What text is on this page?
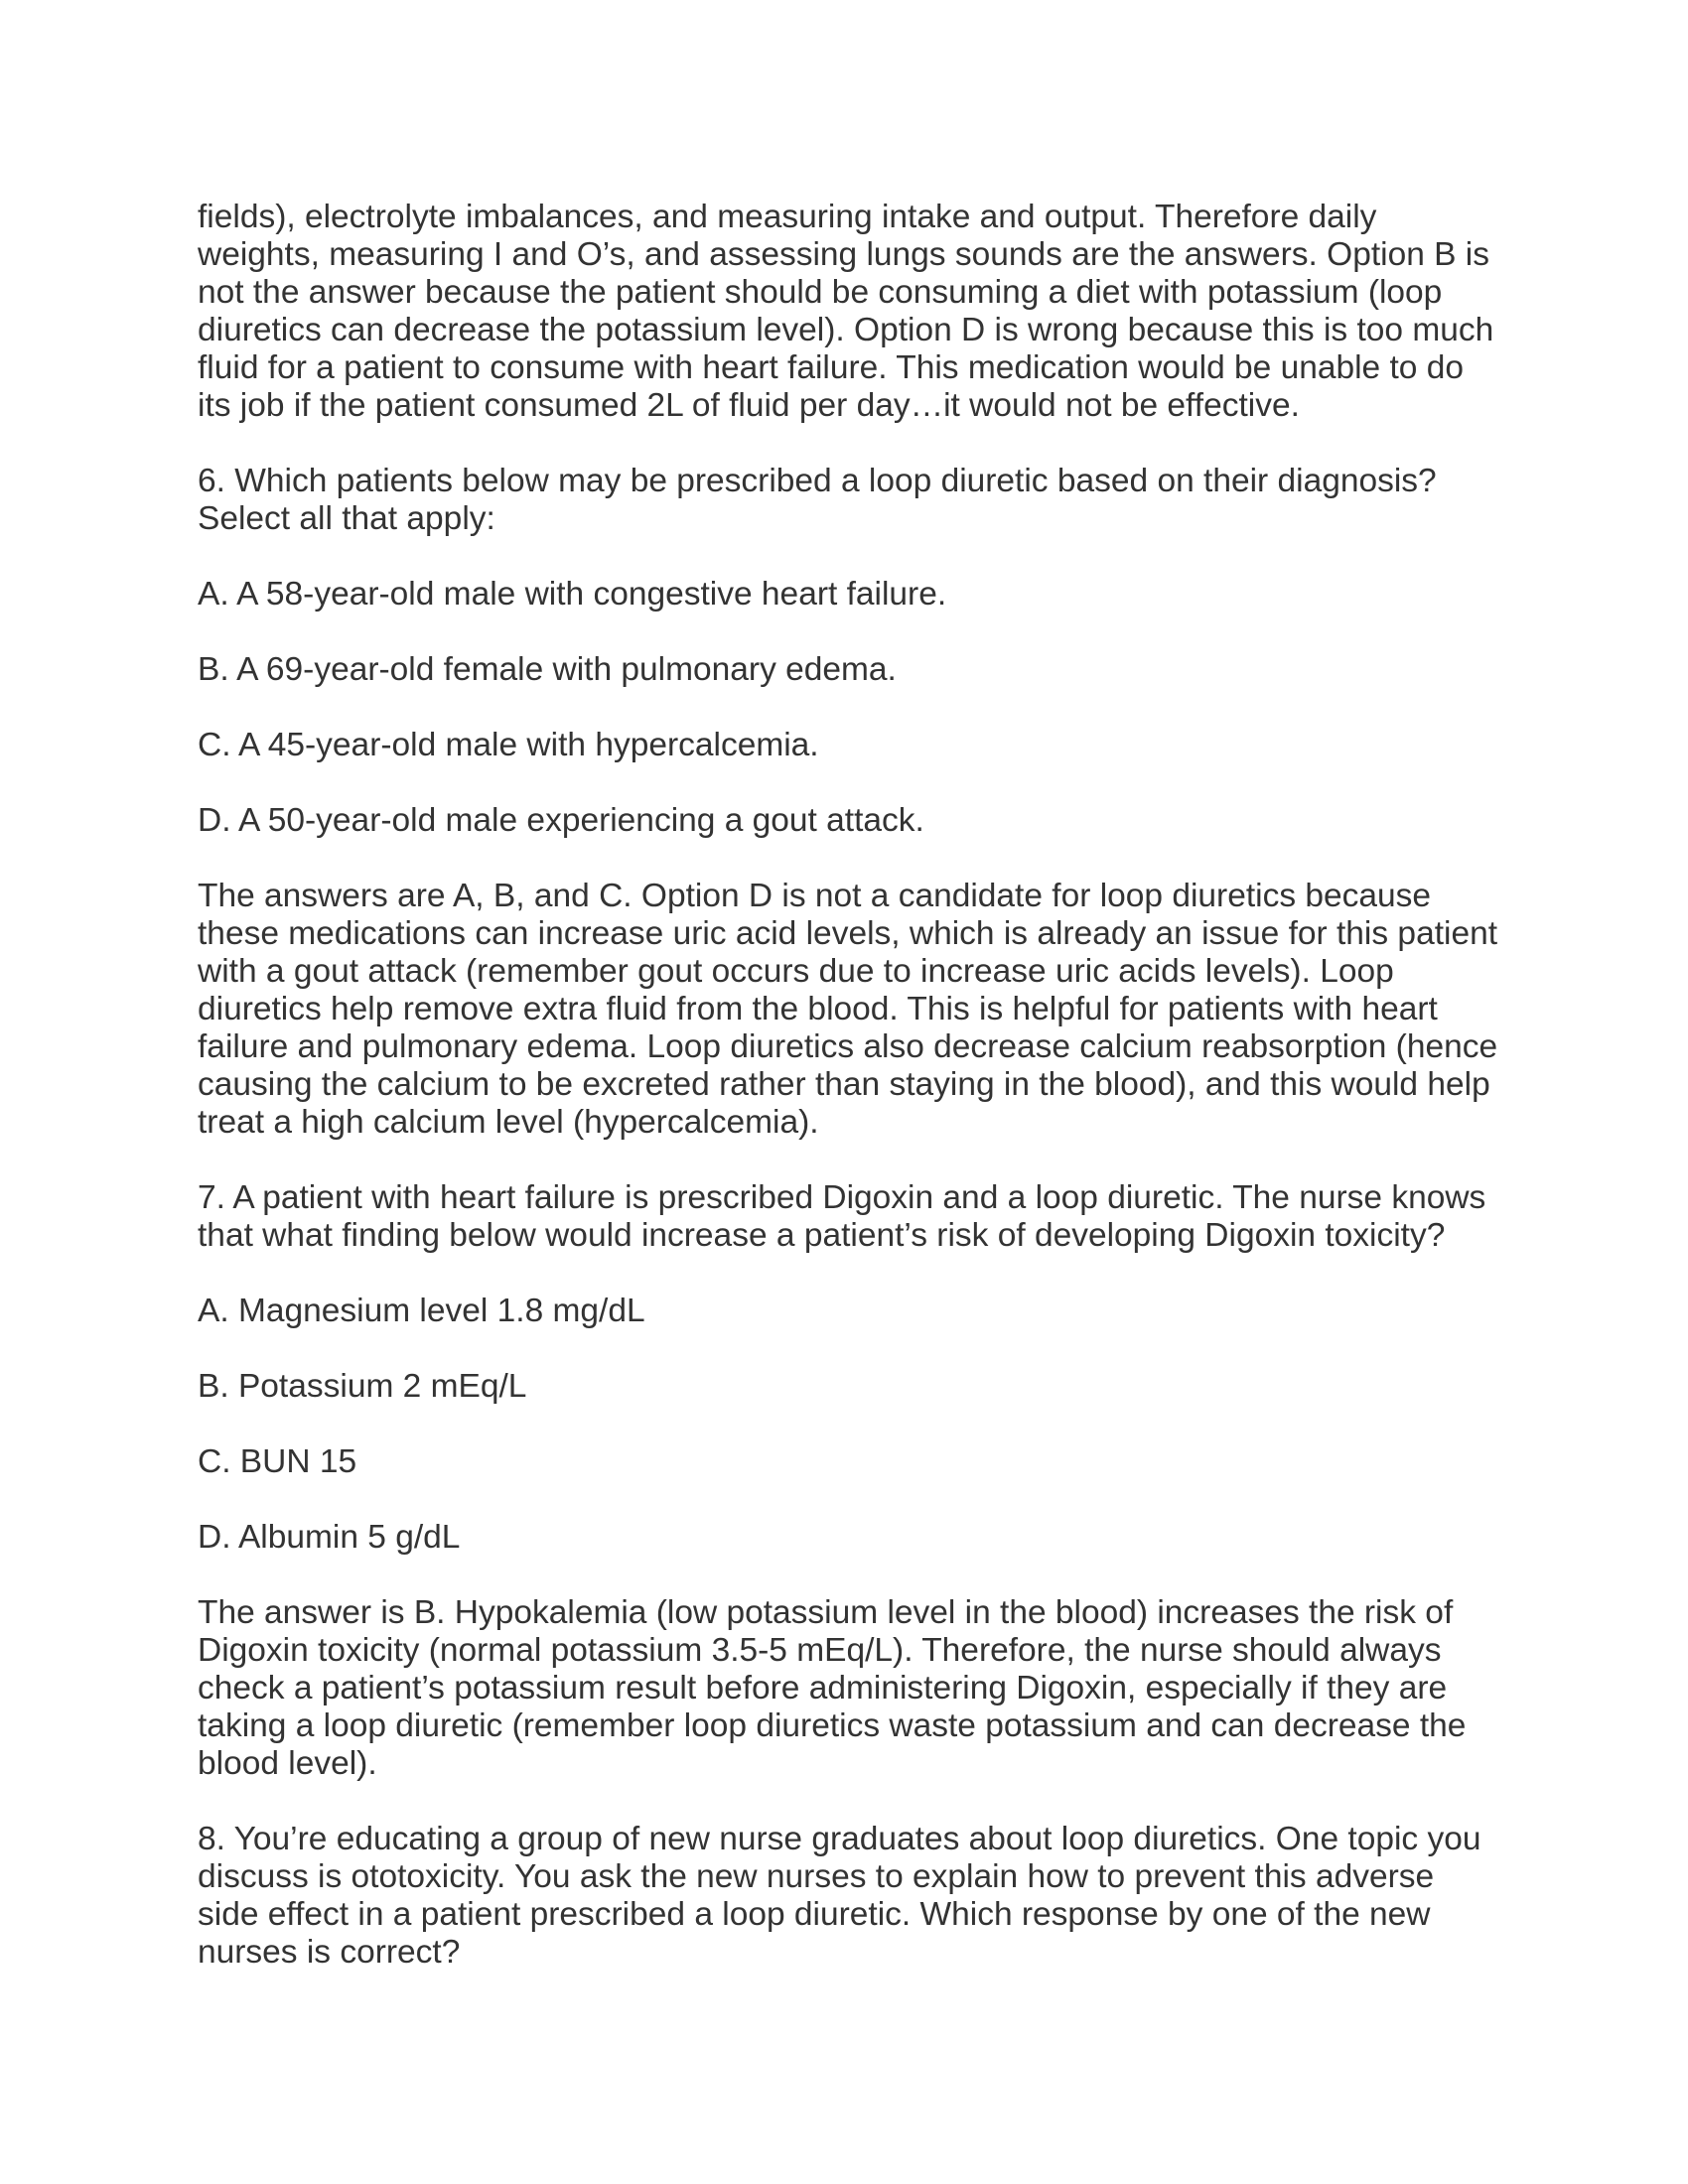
fields), electrolyte imbalances, and measuring intake and output. Therefore daily weights, measuring I and O’s, and assessing lungs sounds are the answers. Option B is not the answer because the patient should be consuming a diet with potassium (loop diuretics can decrease the potassium level). Option D is wrong because this is too much fluid for a patient to consume with heart failure. This medication would be unable to do its job if the patient consumed 2L of fluid per day…it would not be effective.

6. Which patients below may be prescribed a loop diuretic based on their diagnosis? Select all that apply:

A. A 58-year-old male with congestive heart failure.

B. A 69-year-old female with pulmonary edema.

C. A 45-year-old male with hypercalcemia.

D. A 50-year-old male experiencing a gout attack.

The answers are A, B, and C. Option D is not a candidate for loop diuretics because these medications can increase uric acid levels, which is already an issue for this patient with a gout attack (remember gout occurs due to increase uric acids levels). Loop diuretics help remove extra fluid from the blood. This is helpful for patients with heart failure and pulmonary edema. Loop diuretics also decrease calcium reabsorption (hence causing the calcium to be excreted rather than staying in the blood), and this would help treat a high calcium level (hypercalcemia).

7. A patient with heart failure is prescribed Digoxin and a loop diuretic. The nurse knows that what finding below would increase a patient’s risk of developing Digoxin toxicity?

A. Magnesium level 1.8 mg/dL

B. Potassium 2 mEq/L

C. BUN 15

D. Albumin 5 g/dL

The answer is B. Hypokalemia (low potassium level in the blood) increases the risk of Digoxin toxicity (normal potassium 3.5-5 mEq/L). Therefore, the nurse should always check a patient’s potassium result before administering Digoxin, especially if they are taking a loop diuretic (remember loop diuretics waste potassium and can decrease the blood level).

8. You’re educating a group of new nurse graduates about loop diuretics. One topic you discuss is ototoxicity. You ask the new nurses to explain how to prevent this adverse side effect in a patient prescribed a loop diuretic. Which response by one of the new nurses is correct?
